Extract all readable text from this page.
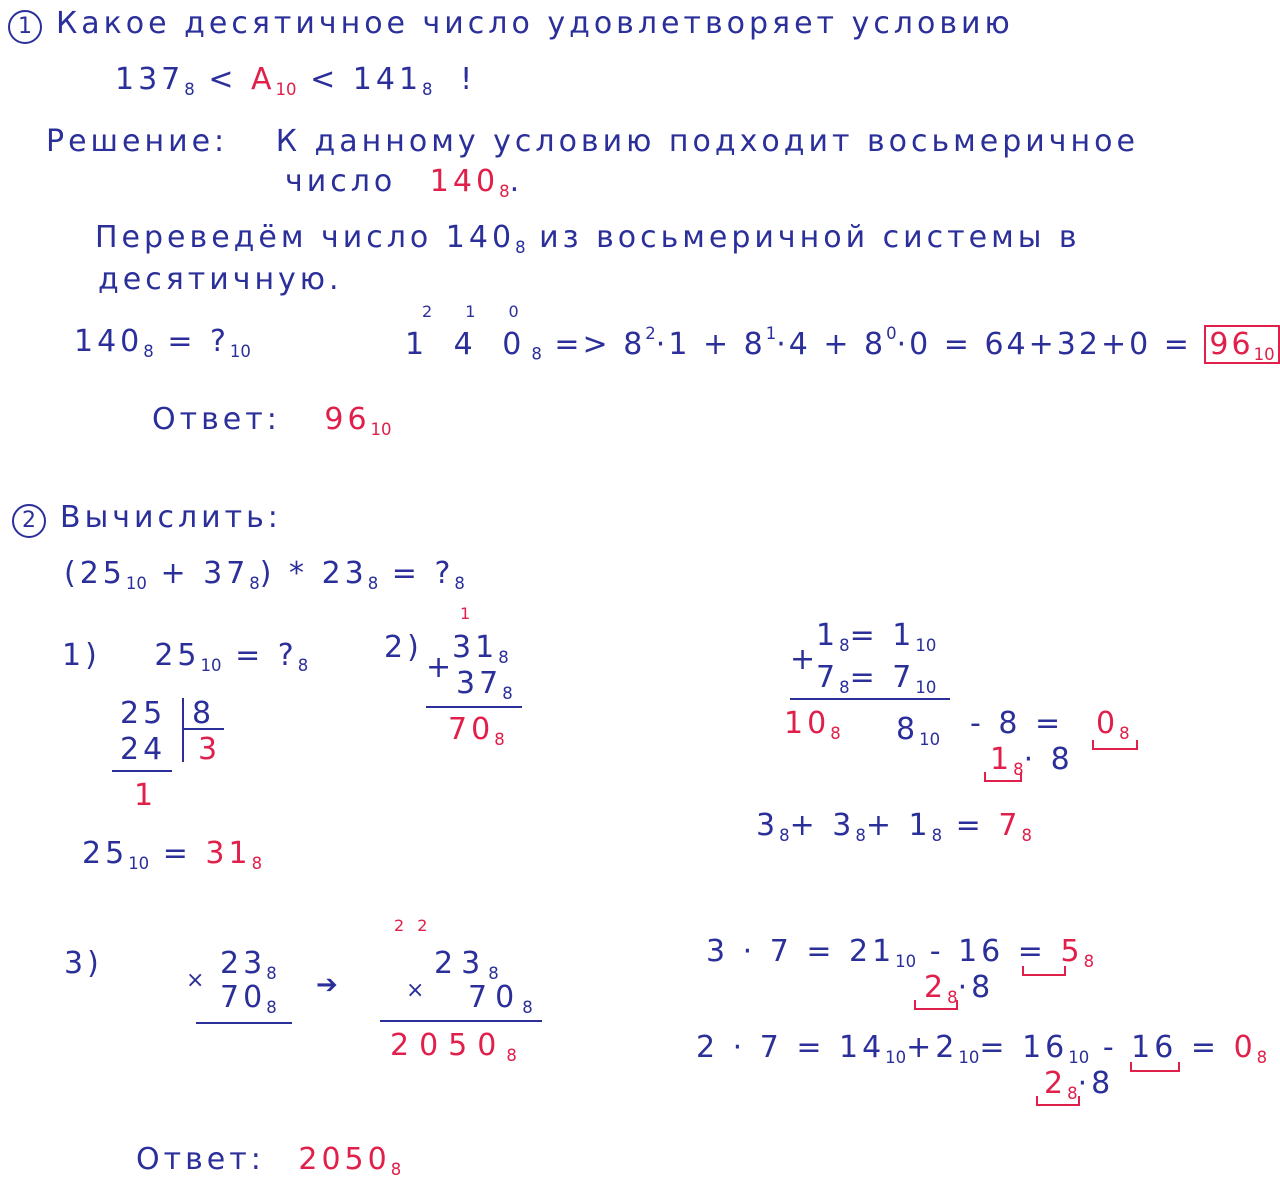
1 Какое десятичное число удовлетворяет условию
$137_8 < A_{10} < 141_8$ !
Решение: К данному условию подходит восьмеричное
число $140_8$.
Переведём число $140_8$ из восьмеричной системы в
десятичную.
$140_8$ = $?_{10}$
2 1 0
1 4 $0_8 => 8^2\cdot 1 + 8^1\cdot 4 + 8^0\cdot 0 = 64+32+0 = 96_{10}$
Ответ: $96_{10}$
2 Вычислить:
$(25_{10} + 37_8) * 23_8$ = $?_8$
1) $25_{10}$ = $?_8$
25 8
24 3
1
$25_{10} = 31_8$
2)
1
$31_8$
+ $37_8$
$70_8$
$1_8= 1_{10}$
+
$7_8= 7_{10}$
$10_8$ $8_{10} - 8 = 0_8$
$1_8\cdot 8$
$3_8+ 3_8+ 1_8 = 7_8$
3)	$23_8$
× $70_8$
➔
2 2
$23_8$
× $70_8$
$2050_8$
$3 \cdot 7 = 21_{10} - 16 = 5_8$
$2_8\cdot 8$
$2 \cdot 7 = 14_{10}+2_{10}= 16_{10} - 16 = 0_8$
$2_8\cdot 8$
Ответ: $2050_8$
